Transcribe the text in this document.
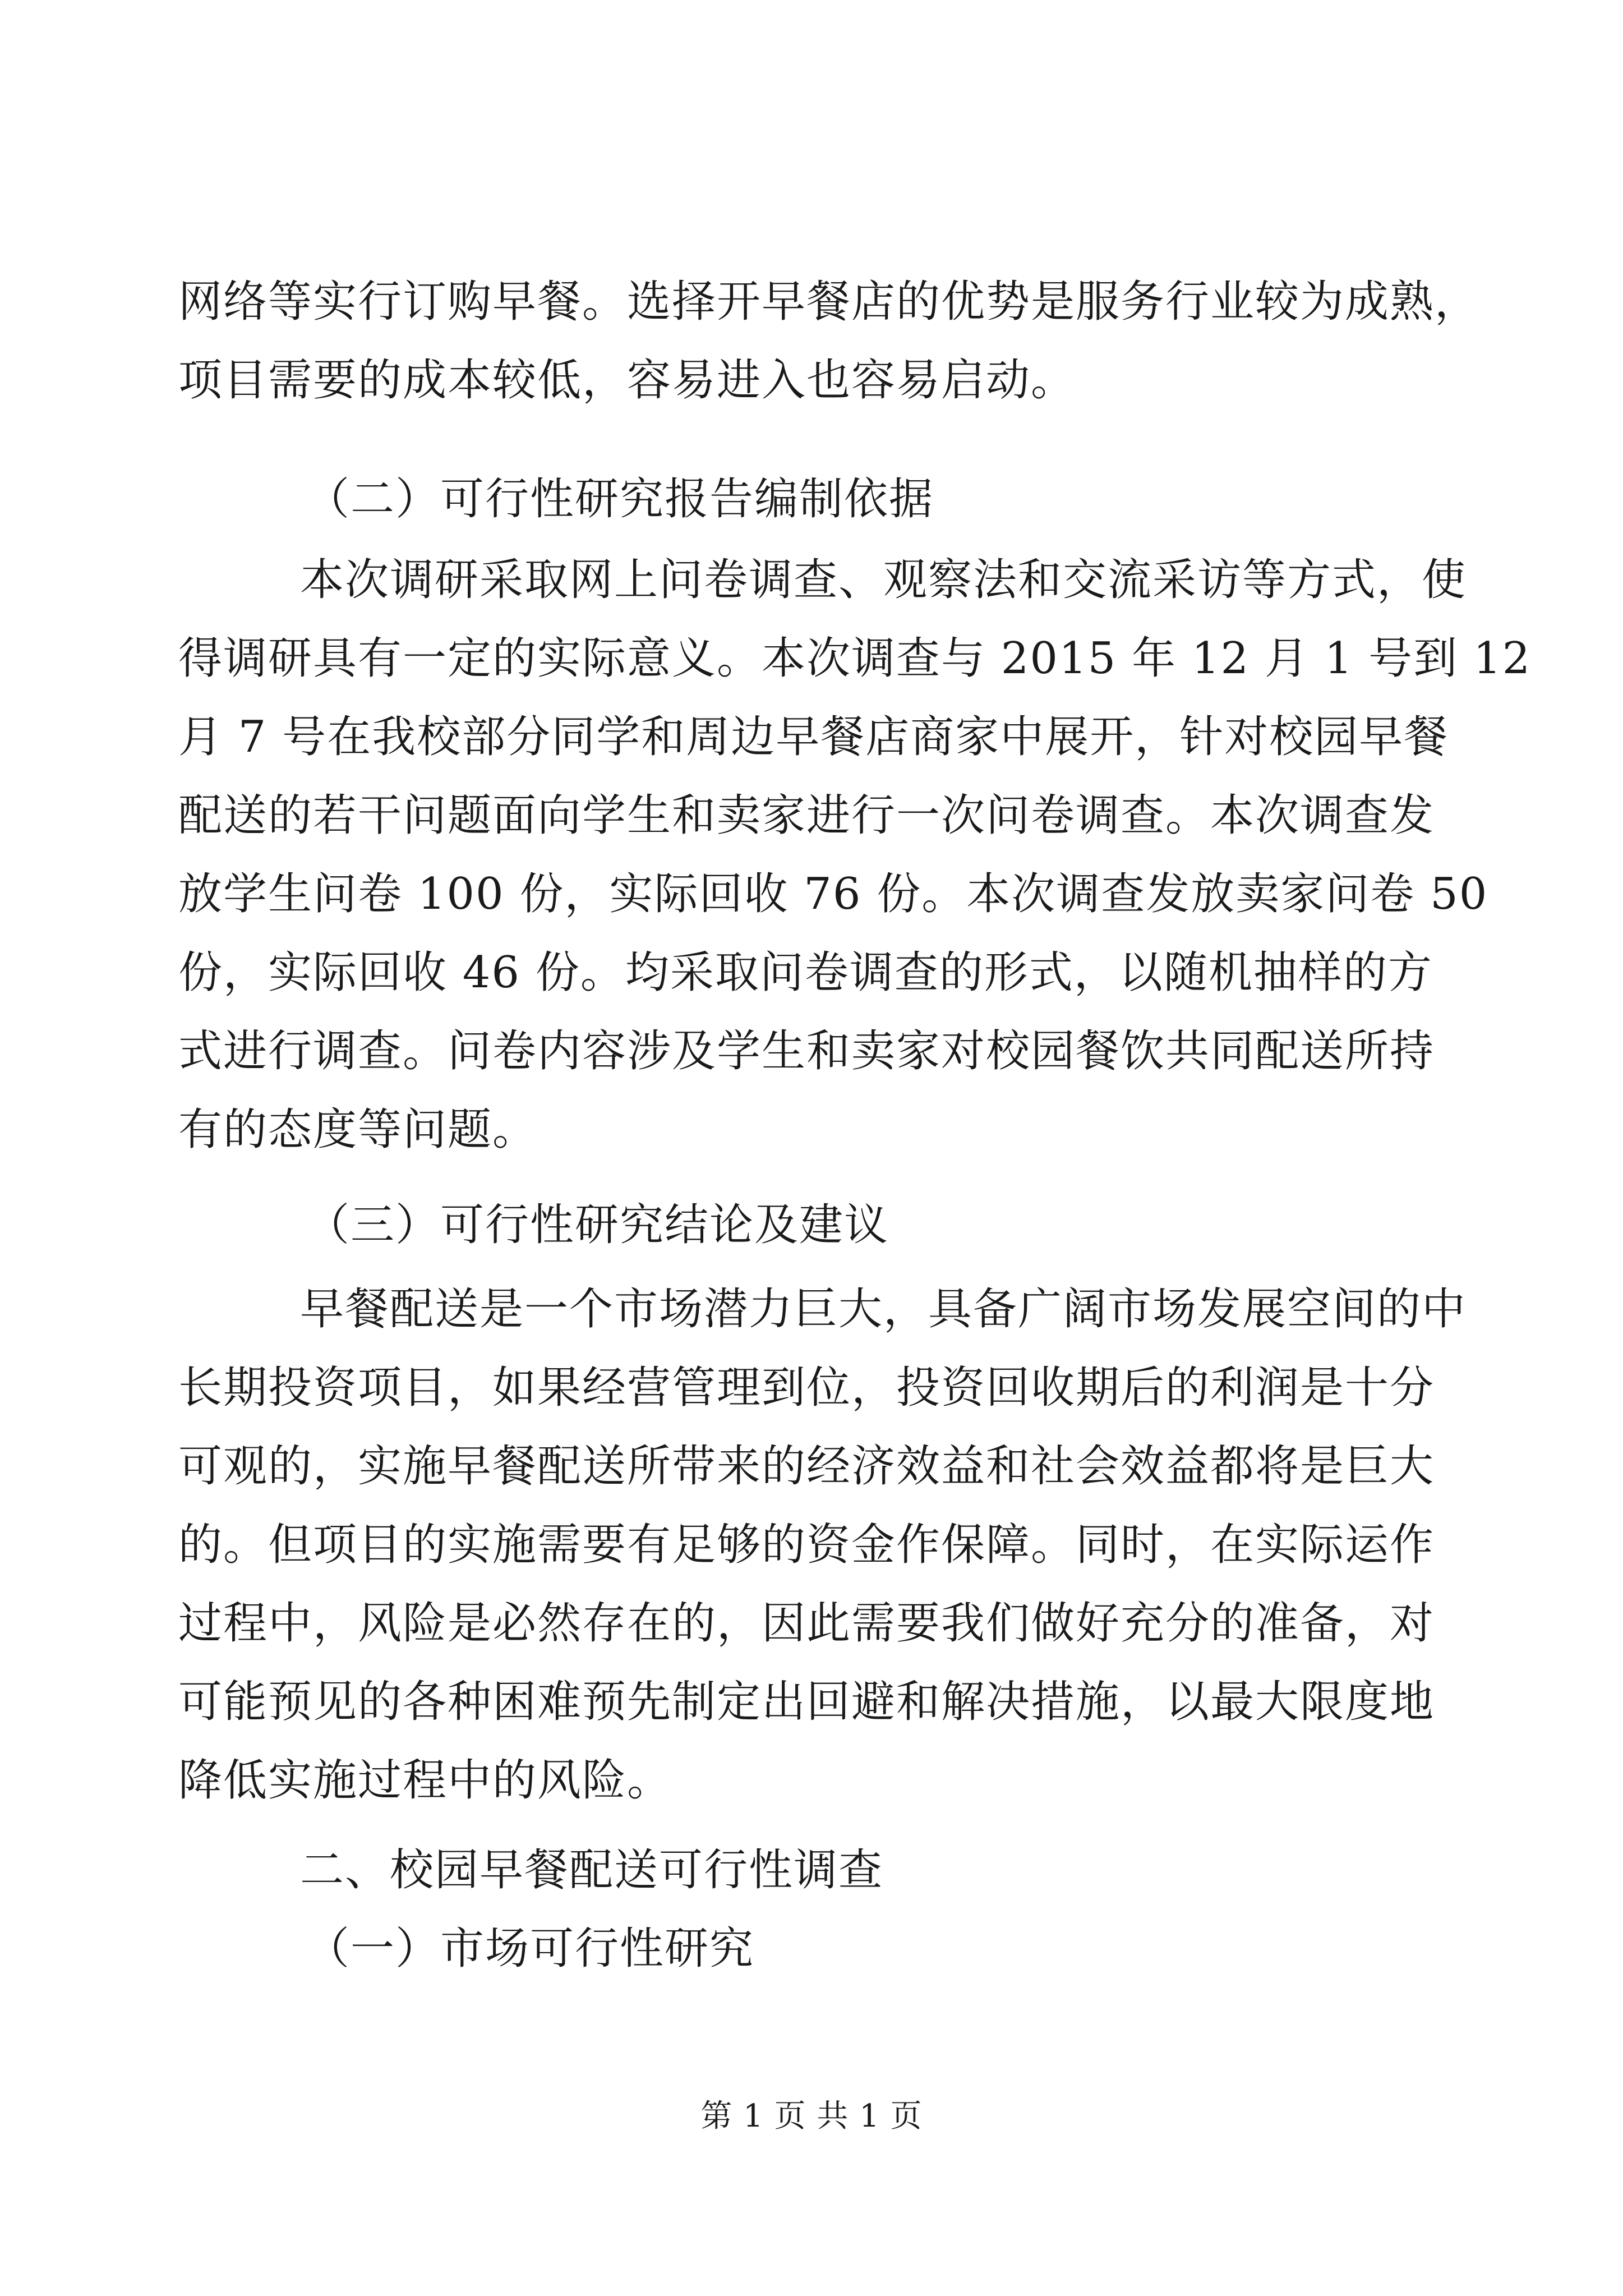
网络等实行订购早餐。选择开早餐店的优势是服务行业较为成熟，
项目需要的成本较低，容易进入也容易启动。
（二）可行性研究报告编制依据
本次调研采取网上问卷调查、观察法和交流采访等方式，使
得调研具有一定的实际意义。本次调查与 2015 年 12 月 1 号到 12
月 7 号在我校部分同学和周边早餐店商家中展开，针对校园早餐
配送的若干问题面向学生和卖家进行一次问卷调查。本次调查发
放学生问卷 100 份，实际回收 76 份。本次调查发放卖家问卷 50
份，实际回收 46 份。均采取问卷调查的形式，以随机抽样的方
式进行调查。问卷内容涉及学生和卖家对校园餐饮共同配送所持
有的态度等问题。
（三）可行性研究结论及建议
早餐配送是一个市场潜力巨大，具备广阔市场发展空间的中
长期投资项目，如果经营管理到位，投资回收期后的利润是十分
可观的，实施早餐配送所带来的经济效益和社会效益都将是巨大
的。但项目的实施需要有足够的资金作保障。同时，在实际运作
过程中，风险是必然存在的，因此需要我们做好充分的准备，对
可能预见的各种困难预先制定出回避和解决措施，以最大限度地
降低实施过程中的风险。
二、校园早餐配送可行性调查
（一）市场可行性研究
第 1 页 共 1 页
